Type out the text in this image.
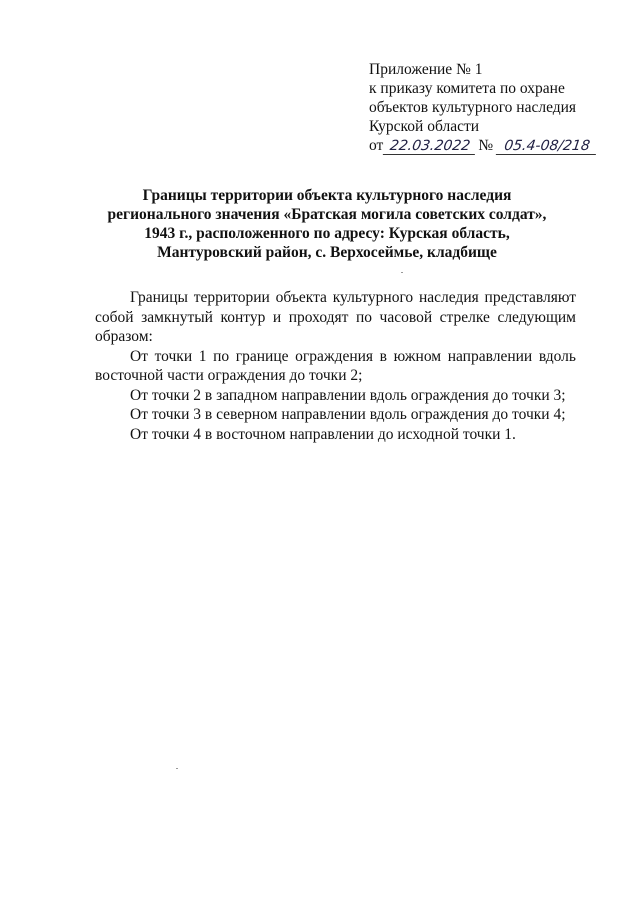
Приложение № 1
к приказу комитета по охране
объектов культурного наследия
Курской области
от 22.03.2022 № 05.4-08/218
Границы территории объекта культурного наследия
регионального значения «Братская могила советских солдат»,
1943 г., расположенного по адресу: Курская область,
Мантуровский район, с. Верхосеймье, кладбище

Границы территории объекта культурного наследия представляют собой замкнутый контур и проходят по часовой стрелке следующим образом:

От точки 1 по границе ограждения в южном направлении вдоль восточной части ограждения до точки 2;

От точки 2 в западном направлении вдоль ограждения до точки 3;

От точки 3 в северном направлении вдоль ограждения до точки 4;

От точки 4 в восточном направлении до исходной точки 1.
